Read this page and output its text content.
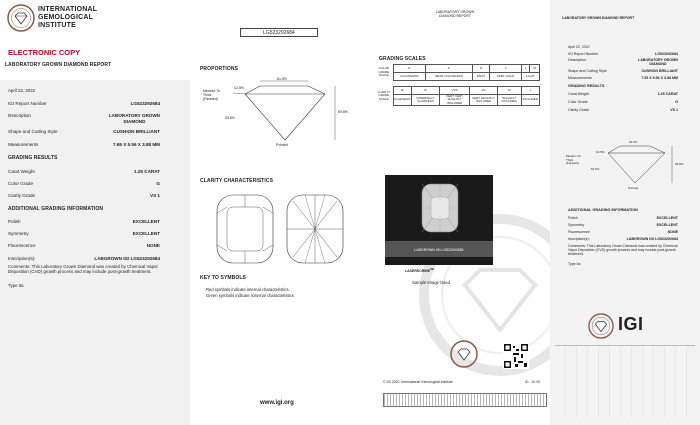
INTERNATIONAL
GEMOLOGICAL
INSTITUTE
ELECTRONIC COPY
LABORATORY GROWN DIAMOND REPORT
April 22, 2022
IGI Report Number	LG523292684
Description	LABORATORY GROWN
DIAMOND
Shape and Cutting Style	CUSHION BRILLIANT
Measurements	7.65 X 5.56 X 3.88 MM
GRADING RESULTS
Carat Weight	1.25 CARAT
Color Grade	G
Clarity Grade	VS 1
ADDITIONAL GRADING INFORMATION
Polish	EXCELLENT
Symmetry	EXCELLENT
Fluorescence	NONE
Inscription(s):	LABGROWN IGI LG523292684
Comments: This Laboratory Grown Diamond was created by Chemical Vapor Deposition (CVD) growth process and may include post-growth treatment.
Type IIa
LG523292684
PROPORTIONS
61.5%
Medium To
Thick
(Faceted)
12.5%
53.5%
69.8%
Pointed
CLARITY CHARACTERISTICS
KEY TO SYMBOLS
Red symbols indicate internal characteristics.
Green symbols indicate external characteristics.
www.igi.org
LABORATORY GROWN
DIAMOND REPORT
GRADING SCALES
COLOR GRADE SCALE	D	F	H	J	L	M
	COLORLESS	NEAR COLORLESS	FAINT	VERY LIGHT	LIGHT	
CLARITY GRADE SCALE	FL	IF	VVS	VS	SI	I
	FLAWLESS	INTERNALLY FLAWLESS	VERY VERY SLIGHTLY INCLUDED	VERY SLIGHTLY INCLUDED	SLIGHTLY INCLUDED	INCLUDED
LABGROWN IGI LG523292684
LASERSCRIBE℠
Sample Image Used
© IGI 2020, International Gemological Institute	ID - 10.20
LABORATORY GROWN DIAMOND REPORT
April 22, 2022
IGI Report Number	LG523292684
Description	LABORATORY GROWN
DIAMOND
Shape and Cutting Style	CUSHION BRILLIANT
Measurements	7.65 X 5.56 X 3.88 MM
GRADING RESULTS
Carat Weight	1.25 CARAT
Color Grade	G
Clarity Grade	VS 1
61.5%
Medium To
Thick
(Faceted)
12.5%
53.5%
69.8%
Pointed
ADDITIONAL GRADING INFORMATION
Polish	EXCELLENT
Symmetry	EXCELLENT
Fluorescence	NONE
Inscription(s):	LABGROWN IGI LG523292684
Comments: This Laboratory Grown Diamond was created by Chemical Vapor Deposition (CVD) growth process and may include post-growth treatment.
Type IIa
IGI
